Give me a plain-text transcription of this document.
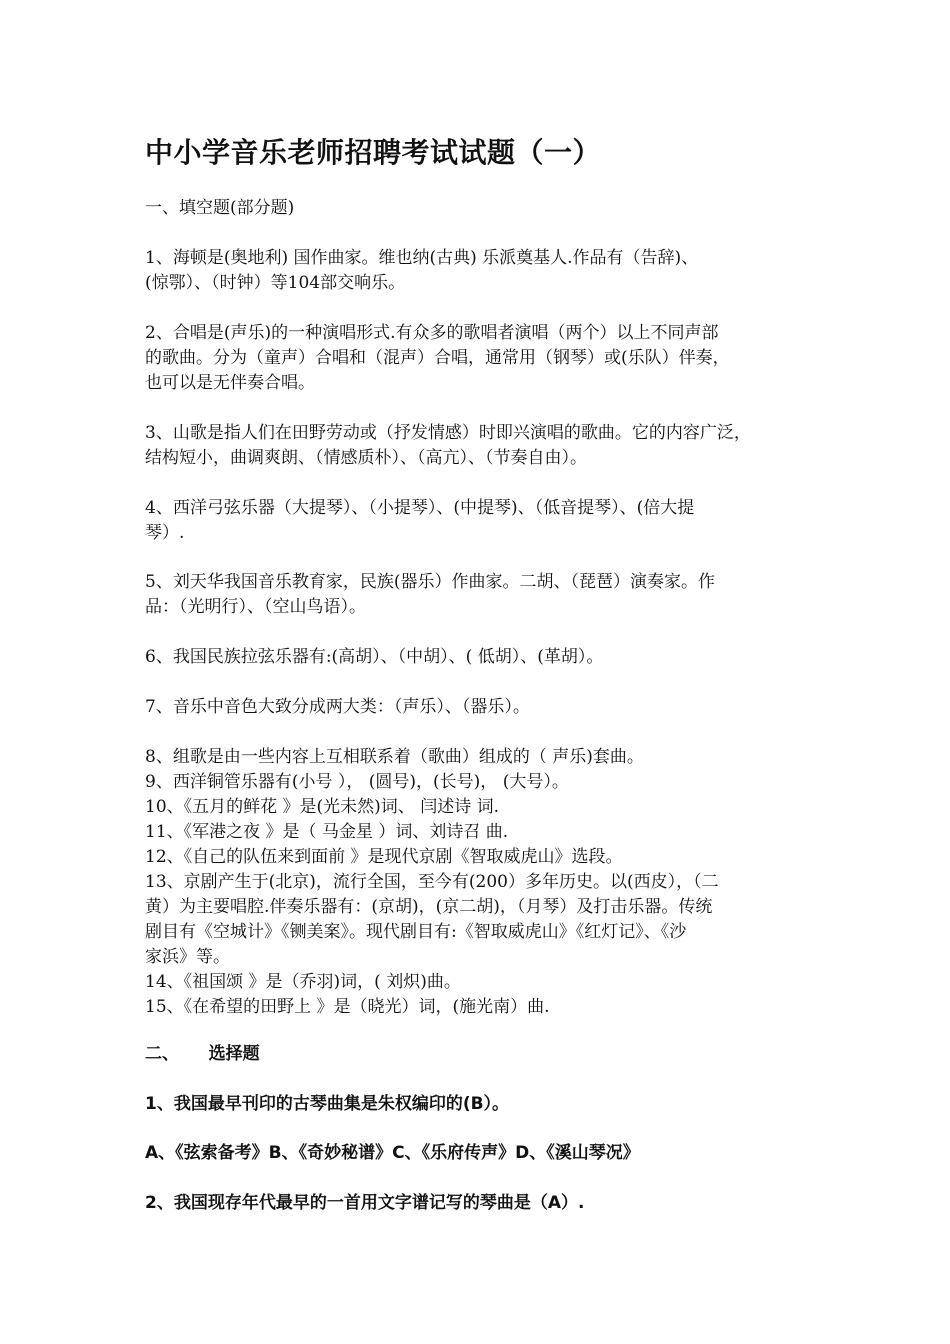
中小学音乐老师招聘考试试题（一）
一、填空题(部分题)
1、海顿是(奥地利) 国作曲家。维也纳(古典) 乐派奠基人.作品有（告辞)、
(惊鄂）、（时钟）等104部交响乐。
2、合唱是(声乐)的一种演唱形式.有众多的歌唱者演唱（两个）以上不同声部
的歌曲。分为（童声）合唱和（混声）合唱，通常用（钢琴）或(乐队）伴奏，
也可以是无伴奏合唱。
3、山歌是指人们在田野劳动或（抒发情感）时即兴演唱的歌曲。它的内容广泛，
结构短小，曲调爽朗、（情感质朴）、（高亢）、（节奏自由）。
4、西洋弓弦乐器（大提琴）、（小提琴）、(中提琴)、（低音提琴）、(倍大提
琴）.
5、刘天华我国音乐教育家，民族(器乐）作曲家。二胡、（琵琶）演奏家。作
品：（光明行）、（空山鸟语）。
6、我国民族拉弦乐器有:(高胡）、（中胡）、( 低胡）、(革胡）。
7、音乐中音色大致分成两大类：（声乐）、（器乐）。
8、组歌是由一些内容上互相联系着（歌曲）组成的（ 声乐)套曲。
9、西洋铜管乐器有(小号 ）， (圆号)，(长号)， (大号）。
10、《五月的鲜花 》是(光未然)词、 闫述诗 词.
11、《军港之夜 》是（ 马金星 ）词、刘诗召 曲.
12、《自己的队伍来到面前 》是现代京剧《智取威虎山》选段。
13、京剧产生于(北京)，流行全国，至今有(200）多年历史。以(西皮），（二
黄）为主要唱腔.伴奏乐器有：(京胡)，(京二胡)，（月琴）及打击乐器。传统
剧目有《空城计》《铡美案》。现代剧目有:《智取威虎山》《红灯记》、《沙
家浜》等。
14、《祖国颂 》是（乔羽)词，( 刘炽)曲。
15、《在希望的田野上 》是（晓光）词，(施光南）曲.
二、     选择题
1、我国最早刊印的古琴曲集是朱权编印的(B）。
A、《弦索备考》B、《奇妙秘谱》C、《乐府传声》D、《溪山琴况》
2、我国现存年代最早的一首用文字谱记写的琴曲是（A）.
